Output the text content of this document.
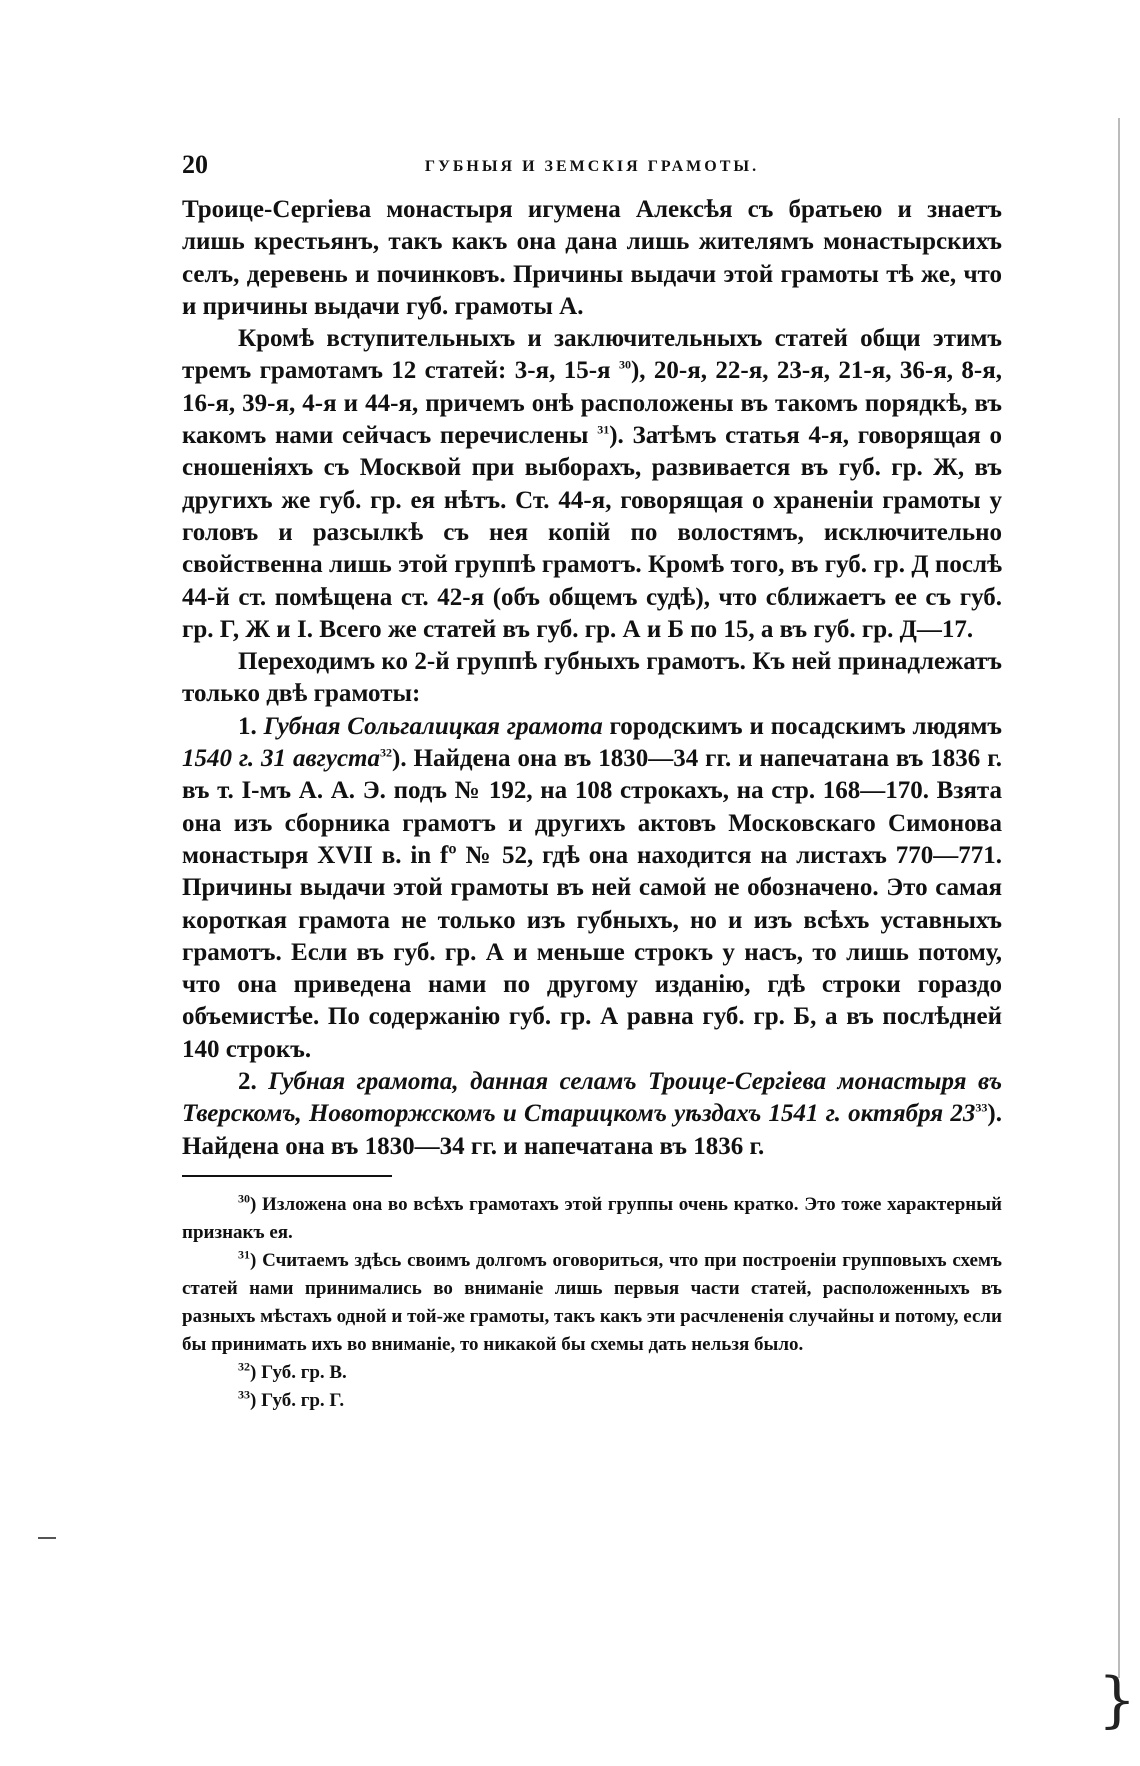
}
20	ГУБНЫЯ И ЗЕМСКІЯ ГРАМОТЫ.

Троице-Сергіева монастыря игумена Алексѣя съ братьею и знаетъ лишь крестьянъ, такъ какъ она дана лишь жителямъ монастырскихъ селъ, деревень и починковъ. Причины выдачи этой грамоты тѣ же, что и причины выдачи губ. грамоты А.

Кромѣ вступительныхъ и заключительныхъ статей общи этимъ тремъ грамотамъ 12 статей: 3-я, 15-я $^{30}$), 20-я, 22-я, 23-я, 21-я, 36-я, 8-я, 16-я, 39-я, 4-я и 44-я, причемъ онѣ расположены въ такомъ порядкѣ, въ какомъ нами сейчасъ перечислены $^{31}$). Затѣмъ статья 4-я, говорящая о сношеніяхъ съ Москвой при выборахъ, развивается въ губ. гр. Ж, въ другихъ же губ. гр. ея нѣтъ. Ст. 44-я, говорящая о храненіи грамоты у головъ и разсылкѣ съ нея копій по волостямъ, исключительно свойственна лишь этой группѣ грамотъ. Кромѣ того, въ губ. гр. Д послѣ 44-й ст. помѣщена ст. 42-я (объ общемъ судѣ), что сближаетъ ее съ губ. гр. Г, Ж и I. Всего же статей въ губ. гр. А и Б по 15, а въ губ. гр. Д—17.

Переходимъ ко 2-й группѣ губныхъ грамотъ. Къ ней принадлежатъ только двѣ грамоты:

1. Губная Сольгалицкая грамота городскимъ и посадскимъ людямъ 1540 г. 31 августа$^{32}$). Найдена она въ 1830—34 гг. и напечатана въ 1836 г. въ т. I-мъ А. А. Э. подъ № 192, на 108 строкахъ, на стр. 168—170. Взята она изъ сборника грамотъ и другихъ актовъ Московскаго Симонова монастыря XVII в. in fº № 52, гдѣ она находится на листахъ 770—771. Причины выдачи этой грамоты въ ней самой не обозначено. Это самая короткая грамота не только изъ губныхъ, но и изъ всѣхъ уставныхъ грамотъ. Если въ губ. гр. А и меньше строкъ у насъ, то лишь потому, что она приведена нами по другому изданію, гдѣ строки гораздо объемистѣе. По содержанію губ. гр. А равна губ. гр. Б, а въ послѣдней 140 строкъ.

2. Губная грамота, данная селамъ Троице-Сергіева монастыря въ Тверскомъ, Новоторжскомъ и Старицкомъ уѣздахъ 1541 г. октября $23^{33}$). Найдена она въ 1830—34 гг. и напечатана въ 1836 г.

$^{30}$) Изложена она во всѣхъ грамотахъ этой группы очень кратко. Это тоже характерный признакъ ея.

$^{31}$) Считаемъ здѣсь своимъ долгомъ оговориться, что при построеніи групповыхъ схемъ статей нами принимались во вниманіе лишь первыя части статей, расположенныхъ въ разныхъ мѣстахъ одной и той-же грамоты, такъ какъ эти расчлененія случайны и потому, если бы принимать ихъ во вниманіе, то никакой бы схемы дать нельзя было.

$^{32}$) Губ. гр. В.

$^{33}$) Губ. гр. Г.
